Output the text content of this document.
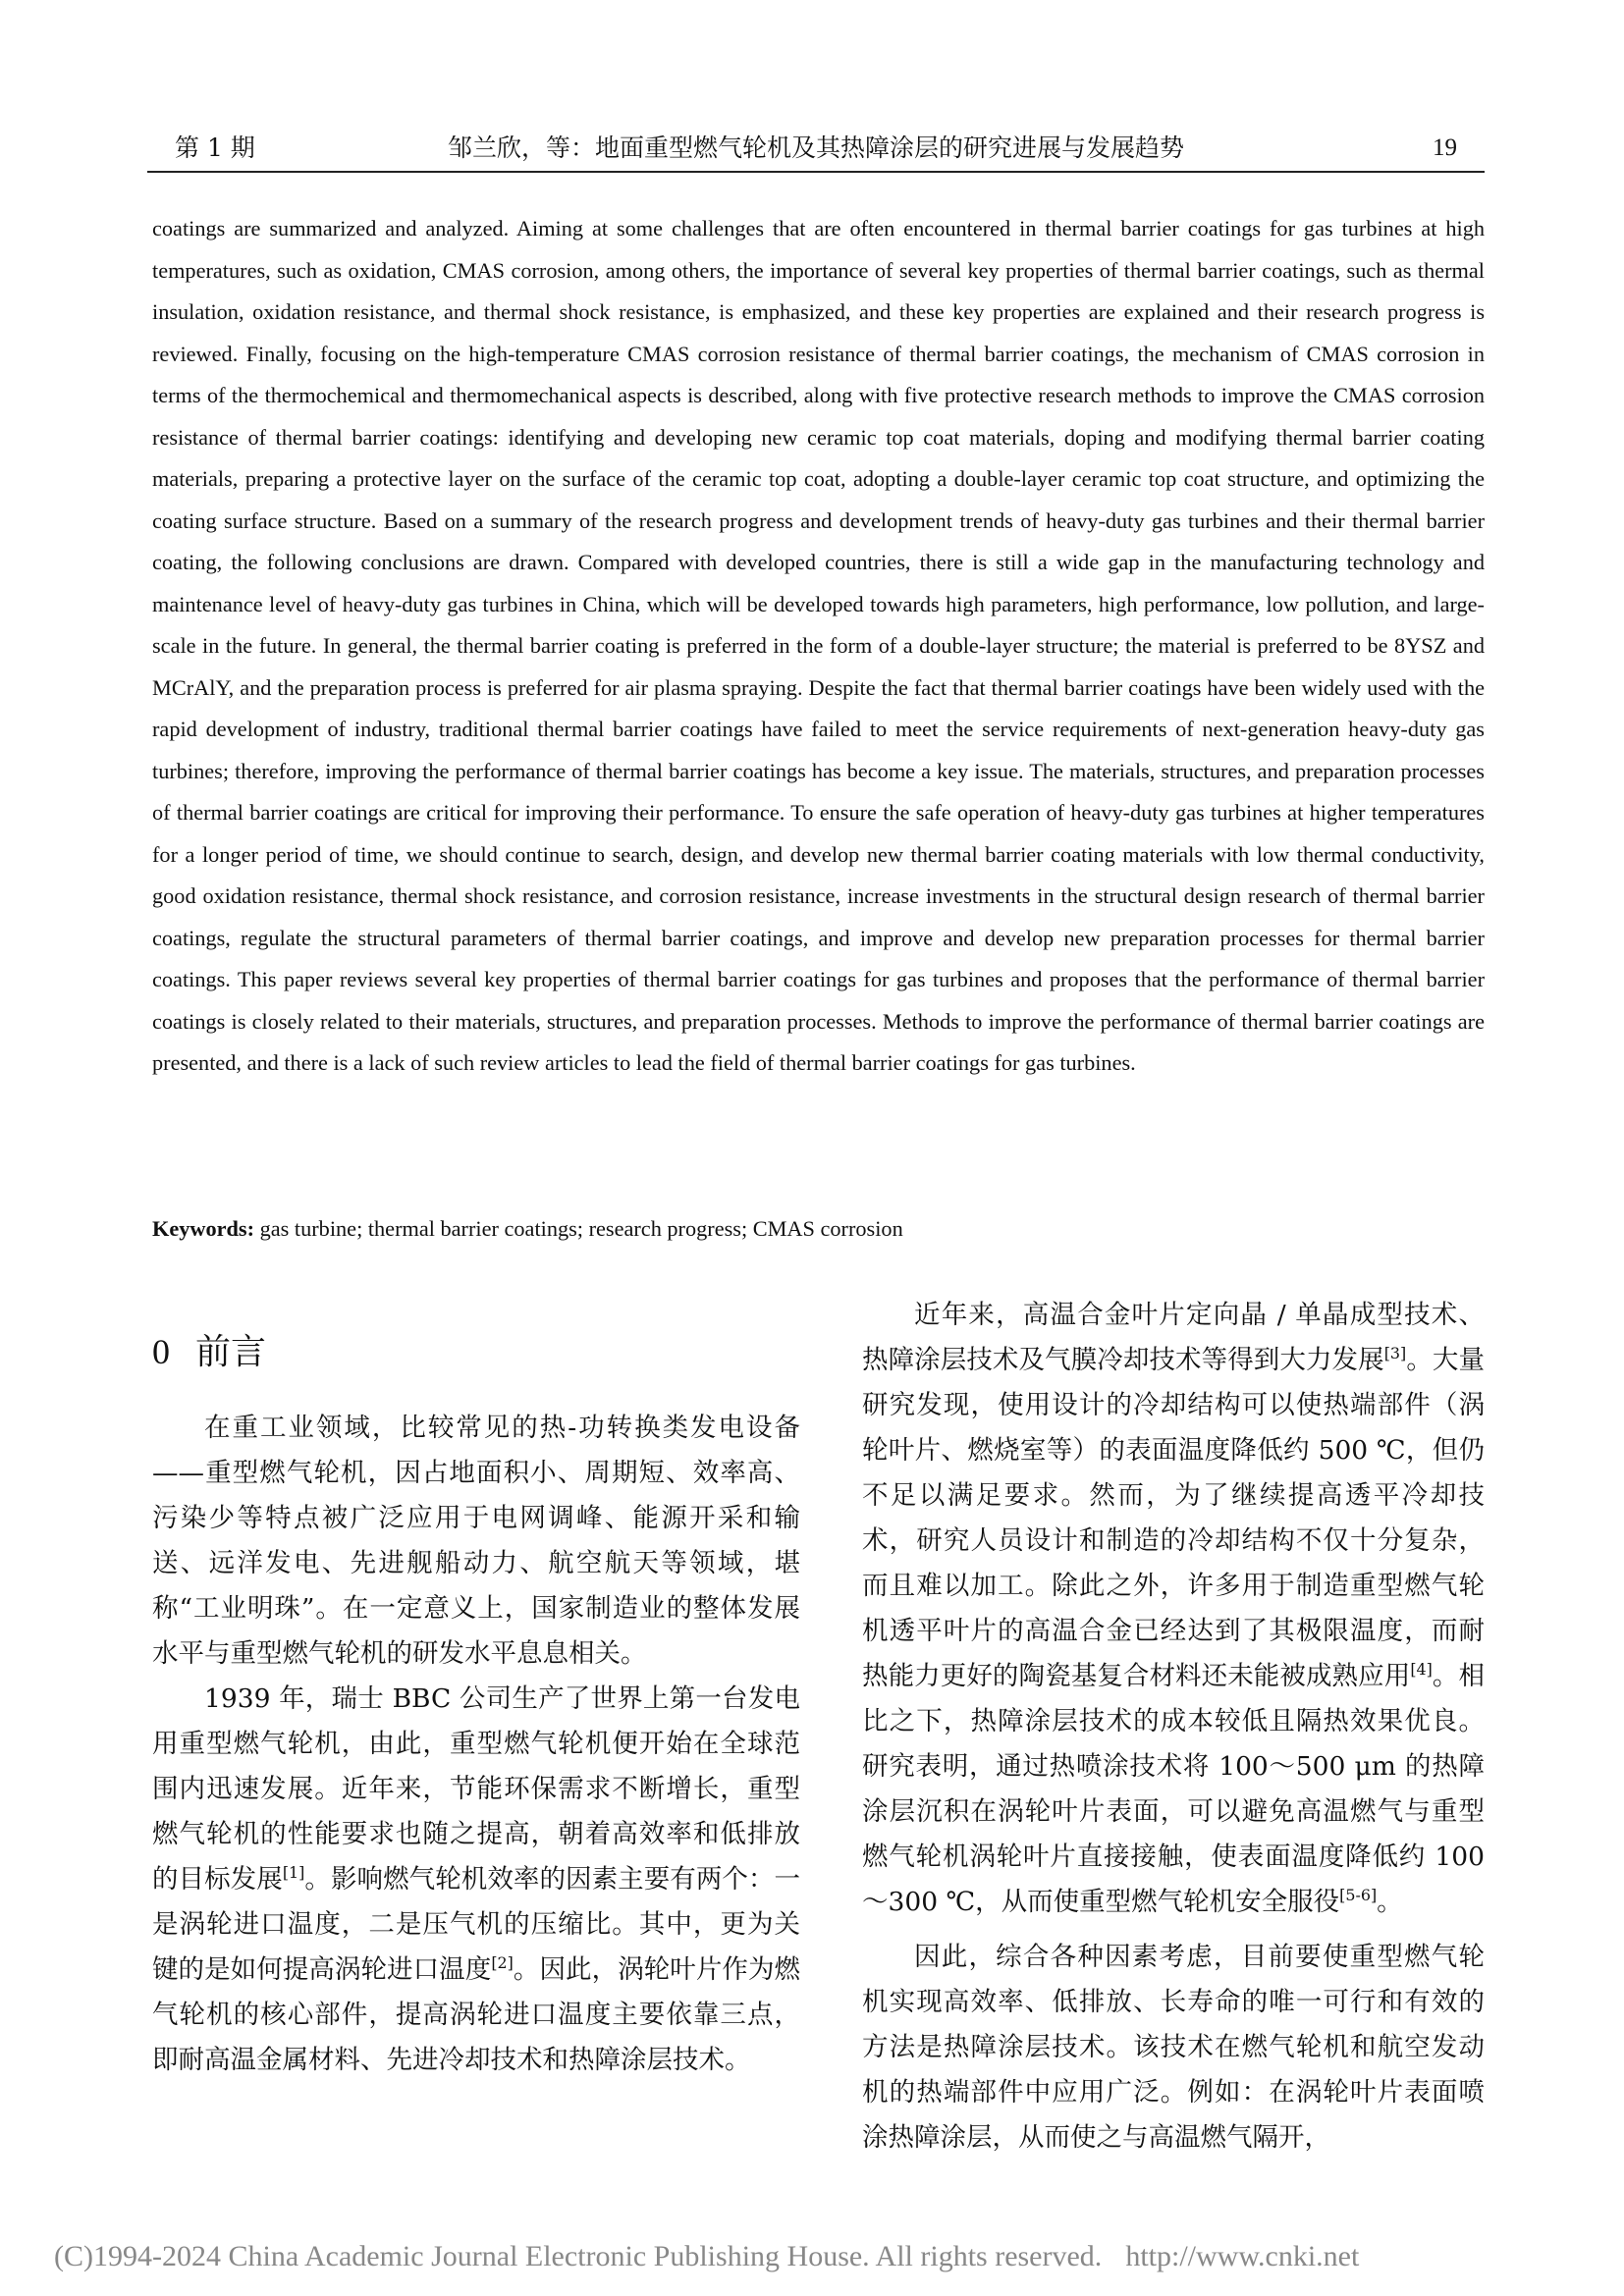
第 1 期	邹兰欣，等：地面重型燃气轮机及其热障涂层的研究进展与发展趋势	19
coatings are summarized and analyzed. Aiming at some challenges that are often encountered in thermal barrier coatings for gas turbines at high temperatures, such as oxidation, CMAS corrosion, among others, the importance of several key properties of thermal barrier coatings, such as thermal insulation, oxidation resistance, and thermal shock resistance, is emphasized, and these key properties are explained and their research progress is reviewed. Finally, focusing on the high-temperature CMAS corrosion resistance of thermal barrier coatings, the mechanism of CMAS corrosion in terms of the thermochemical and thermomechanical aspects is described, along with five protective research methods to improve the CMAS corrosion resistance of thermal barrier coatings: identifying and developing new ceramic top coat materials, doping and modifying thermal barrier coating materials, preparing a protective layer on the surface of the ceramic top coat, adopting a double-layer ceramic top coat structure, and optimizing the coating surface structure. Based on a summary of the research progress and development trends of heavy-duty gas turbines and their thermal barrier coating, the following conclusions are drawn. Compared with developed countries, there is still a wide gap in the manufacturing technology and maintenance level of heavy-duty gas turbines in China, which will be developed towards high parameters, high performance, low pollution, and large-scale in the future. In general, the thermal barrier coating is preferred in the form of a double-layer structure; the material is preferred to be 8YSZ and MCrAlY, and the preparation process is preferred for air plasma spraying. Despite the fact that thermal barrier coatings have been widely used with the rapid development of industry, traditional thermal barrier coatings have failed to meet the service requirements of next-generation heavy-duty gas turbines; therefore, improving the performance of thermal barrier coatings has become a key issue. The materials, structures, and preparation processes of thermal barrier coatings are critical for improving their performance. To ensure the safe operation of heavy-duty gas turbines at higher temperatures for a longer period of time, we should continue to search, design, and develop new thermal barrier coating materials with low thermal conductivity, good oxidation resistance, thermal shock resistance, and corrosion resistance, increase investments in the structural design research of thermal barrier coatings, regulate the structural parameters of thermal barrier coatings, and improve and develop new preparation processes for thermal barrier coatings. This paper reviews several key properties of thermal barrier coatings for gas turbines and proposes that the performance of thermal barrier coatings is closely related to their materials, structures, and preparation processes. Methods to improve the performance of thermal barrier coatings are presented, and there is a lack of such review articles to lead the field of thermal barrier coatings for gas turbines.
Keywords: gas turbine; thermal barrier coatings; research progress; CMAS corrosion
0 前言

在重工业领域，比较常见的热-功转换类发电设备——重型燃气轮机，因占地面积小、周期短、效率高、污染少等特点被广泛应用于电网调峰、能源开采和输送、远洋发电、先进舰船动力、航空航天等领域，堪称“工业明珠”。在一定意义上，国家制造业的整体发展水平与重型燃气轮机的研发水平息息相关。

1939 年，瑞士 BBC 公司生产了世界上第一台发电用重型燃气轮机，由此，重型燃气轮机便开始在全球范围内迅速发展。近年来，节能环保需求不断增长，重型燃气轮机的性能要求也随之提高，朝着高效率和低排放的目标发展[1]。影响燃气轮机效率的因素主要有两个：一是涡轮进口温度，二是压气机的压缩比。其中，更为关键的是如何提高涡轮进口温度[2]。因此，涡轮叶片作为燃气轮机的核心部件，提高涡轮进口温度主要依靠三点，即耐高温金属材料、先进冷却技术和热障涂层技术。

近年来，高温合金叶片定向晶 / 单晶成型技术、热障涂层技术及气膜冷却技术等得到大力发展[3]。大量研究发现，使用设计的冷却结构可以使热端部件（涡轮叶片、燃烧室等）的表面温度降低约 500 ℃，但仍不足以满足要求。然而，为了继续提高透平冷却技术，研究人员设计和制造的冷却结构不仅十分复杂，而且难以加工。除此之外，许多用于制造重型燃气轮机透平叶片的高温合金已经达到了其极限温度，而耐热能力更好的陶瓷基复合材料还未能被成熟应用[4]。相比之下，热障涂层技术的成本较低且隔热效果优良。研究表明，通过热喷涂技术将 100～500 μm 的热障涂层沉积在涡轮叶片表面，可以避免高温燃气与重型燃气轮机涡轮叶片直接接触，使表面温度降低约 100～300 ℃，从而使重型燃气轮机安全服役[5-6]。

因此，综合各种因素考虑，目前要使重型燃气轮机实现高效率、低排放、长寿命的唯一可行和有效的方法是热障涂层技术。该技术在燃气轮机和航空发动机的热端部件中应用广泛。例如：在涡轮叶片表面喷涂热障涂层，从而使之与高温燃气隔开，

(C)1994-2024 China Academic Journal Electronic Publishing House. All rights reserved. http://www.cnki.net
